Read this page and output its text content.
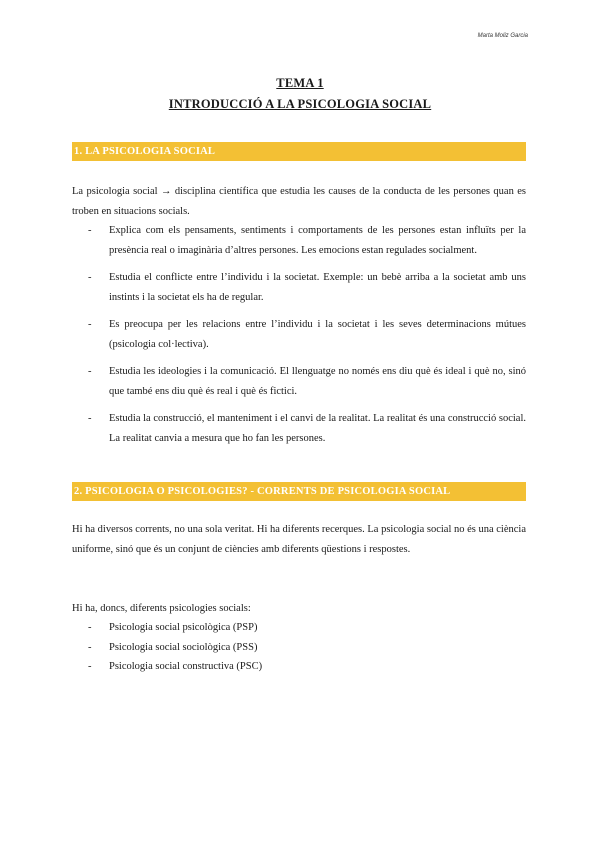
Marta Moliz Garcia
TEMA 1
INTRODUCCIÓ A LA PSICOLOGIA SOCIAL
1. LA PSICOLOGIA SOCIAL

La psicologia social → disciplina científica que estudia les causes de la conducta de les persones quan es troben en situacions socials.

- Explica com els pensaments, sentiments i comportaments de les persones estan influïts per la presència real o imaginària d’altres persones. Les emocions estan regulades socialment.
- Estudia el conflicte entre l’individu i la societat. Exemple: un bebè arriba a la societat amb uns instints i la societat els ha de regular.
- Es preocupa per les relacions entre l’individu i la societat i les seves determinacions mútues (psicologia col·lectiva).
- Estudia les ideologies i la comunicació. El llenguatge no només ens diu què és ideal i què no, sinó que també ens diu què és real i què és fictici.
- Estudia la construcció, el manteniment i el canvi de la realitat. La realitat és una construcció social. La realitat canvia a mesura que ho fan les persones.
2. PSICOLOGIA O PSICOLOGIES? - CORRENTS DE PSICOLOGIA SOCIAL

Hi ha diversos corrents, no una sola veritat. Hi ha diferents recerques. La psicologia social no és una ciència uniforme, sinó que és un conjunt de ciències amb diferents qüestions i respostes.

Hi ha, doncs, diferents psicologies socials:

- Psicologia social psicològica (PSP)
- Psicologia social sociològica (PSS)
- Psicologia social constructiva (PSC)
